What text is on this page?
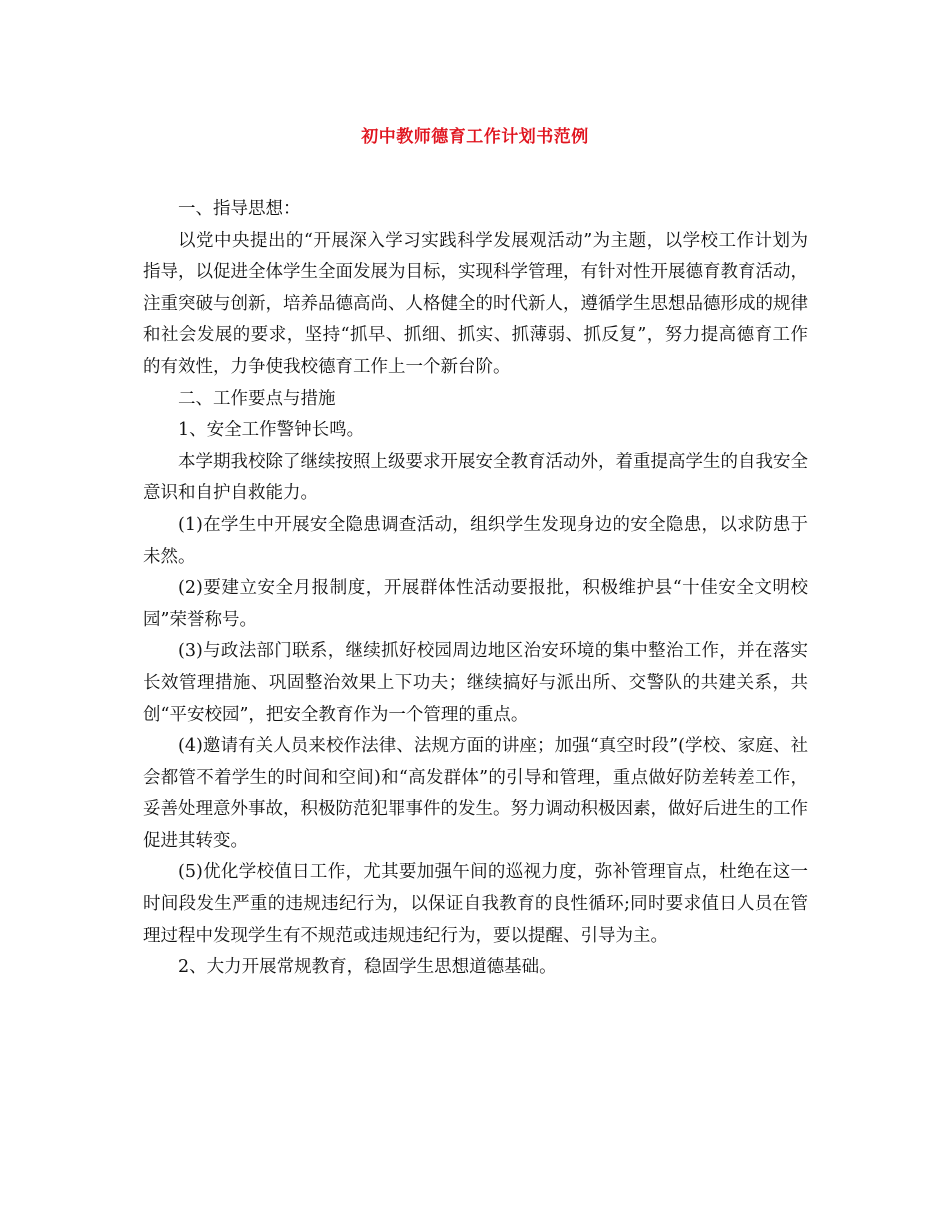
初中教师德育工作计划书范例

一、指导思想：

以党中央提出的“开展深入学习实践科学发展观活动”为主题，以学校工作计划为指导，以促进全体学生全面发展为目标，实现科学管理，有针对性开展德育教育活动，注重突破与创新，培养品德高尚、人格健全的时代新人，遵循学生思想品德形成的规律和社会发展的要求，坚持“抓早、抓细、抓实、抓薄弱、抓反复”，努力提高德育工作的有效性，力争使我校德育工作上一个新台阶。

二、工作要点与措施

1、安全工作警钟长鸣。

本学期我校除了继续按照上级要求开展安全教育活动外，着重提高学生的自我安全意识和自护自救能力。

(1)在学生中开展安全隐患调查活动，组织学生发现身边的安全隐患，以求防患于未然。

(2)要建立安全月报制度，开展群体性活动要报批，积极维护县“十佳安全文明校园”荣誉称号。

(3)与政法部门联系，继续抓好校园周边地区治安环境的集中整治工作，并在落实长效管理措施、巩固整治效果上下功夫；继续搞好与派出所、交警队的共建关系，共创“平安校园”，把安全教育作为一个管理的重点。

(4)邀请有关人员来校作法律、法规方面的讲座；加强“真空时段”(学校、家庭、社会都管不着学生的时间和空间)和“高发群体”的引导和管理，重点做好防差转差工作，妥善处理意外事故，积极防范犯罪事件的发生。努力调动积极因素，做好后进生的工作促进其转变。

(5)优化学校值日工作，尤其要加强午间的巡视力度，弥补管理盲点，杜绝在这一时间段发生严重的违规违纪行为，以保证自我教育的良性循环;同时要求值日人员在管理过程中发现学生有不规范或违规违纪行为，要以提醒、引导为主。

2、大力开展常规教育，稳固学生思想道德基础。
